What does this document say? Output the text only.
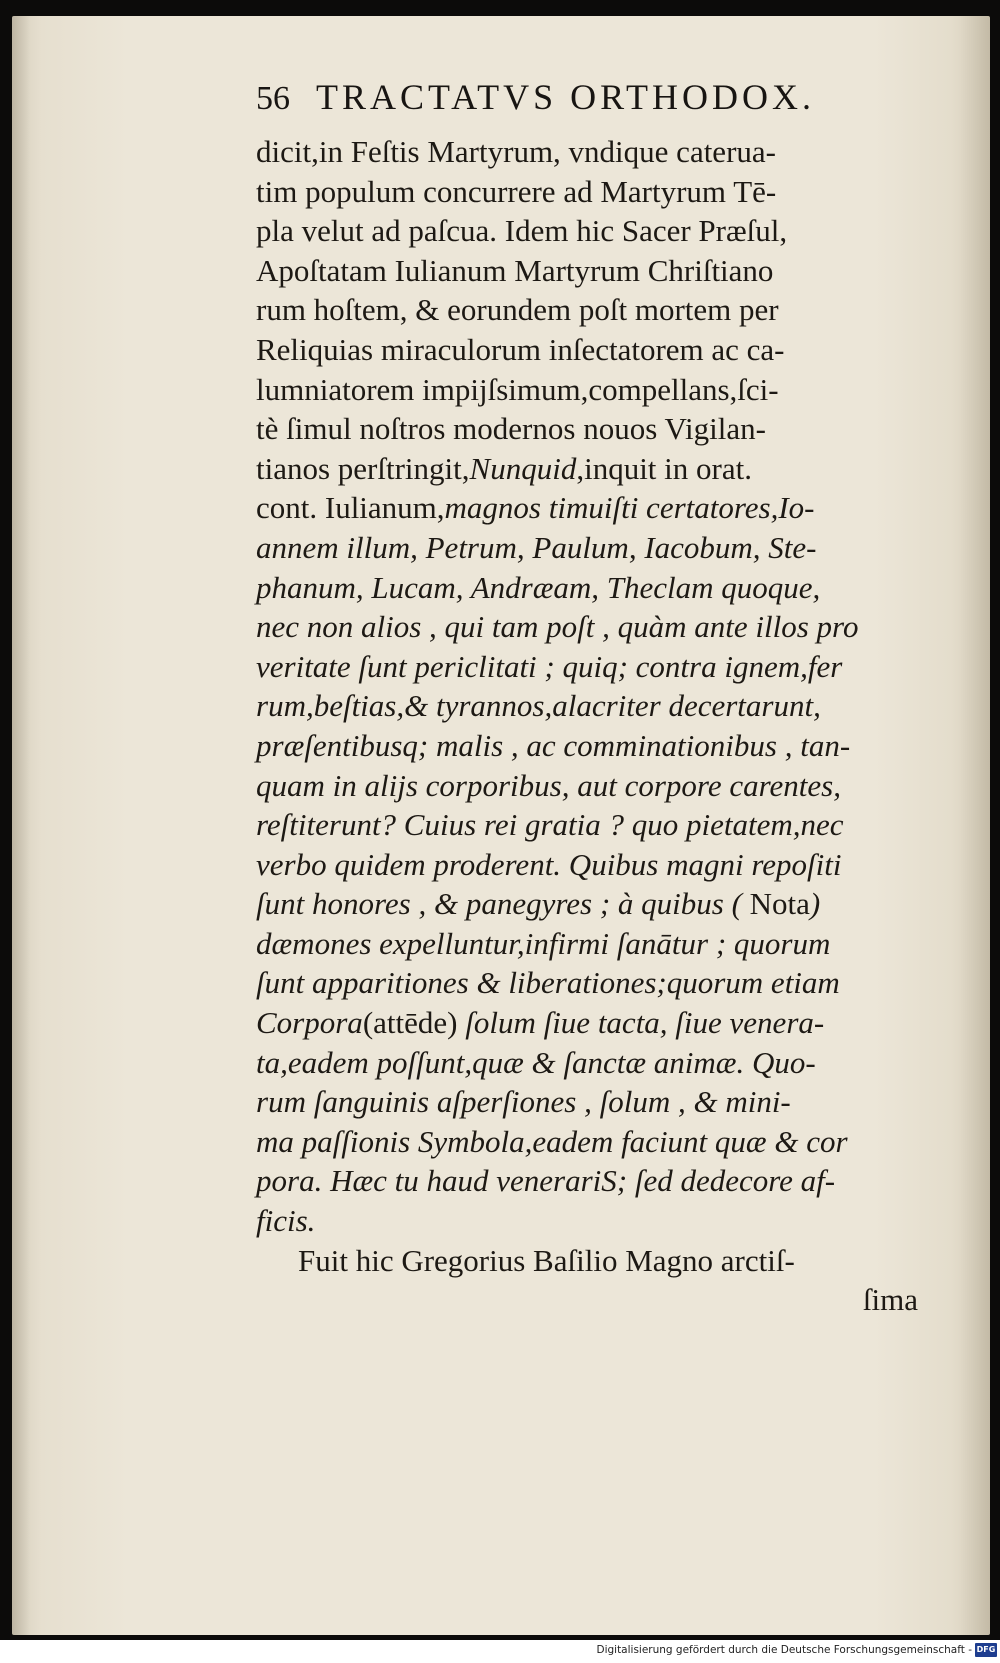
56 TRACTATVS ORTHODOX.
dicit,in Feſtis Martyrum, vndique caterua-
tim populum concurrere ad Martyrum Tē-
pla velut ad paſcua. Idem hic Sacer Præſul,
Apoſtatam Iulianum Martyrum Chriſtiano
rum hoſtem, & eorundem poſt mortem per
Reliquias miraculorum inſectatorem ac ca-
lumniatorem impijſsimum,compellans,ſci-
tè ſimul noſtros modernos nouos Vigilan-
tianos perſtringit,Nunquid,inquit in orat.
cont. Iulianum,magnos timuiſti certatores,Io-
annem illum, Petrum, Paulum, Iacobum, Ste-
phanum, Lucam, Andræam, Theclam quoque,
nec non alios , qui tam poſt , quàm ante illos pro
veritate ſunt periclitati ; quiq; contra ignem,fer
rum,beſtias,& tyrannos,alacriter decertarunt,
præſentibusq; malis , ac comminationibus , tan-
quam in alijs corporibus, aut corpore carentes,
reſtiterunt? Cuius rei gratia ? quo pietatem,nec
verbo quidem proderent. Quibus magni repoſiti
ſunt honores , & panegyres ; à quibus ( Nota)
dæmones expelluntur,infirmi ſanātur ; quorum
ſunt apparitiones & liberationes;quorum etiam
Corpora(attēde) ſolum ſiue tacta, ſiue venera-
ta,eadem poſſunt,quæ & ſanctæ animæ. Quo-
rum ſanguinis aſperſiones , ſolum , & mini-
ma paſſionis Symbola,eadem faciunt quæ & cor
pora. Hæc tu haud venerariS; ſed dedecore af-
ficis.
Fuit hic Gregorius Baſilio Magno arctiſ-
ſima
Digitalisierung gefördert durch die Deutsche Forschungsgemeinschaft - DFG
